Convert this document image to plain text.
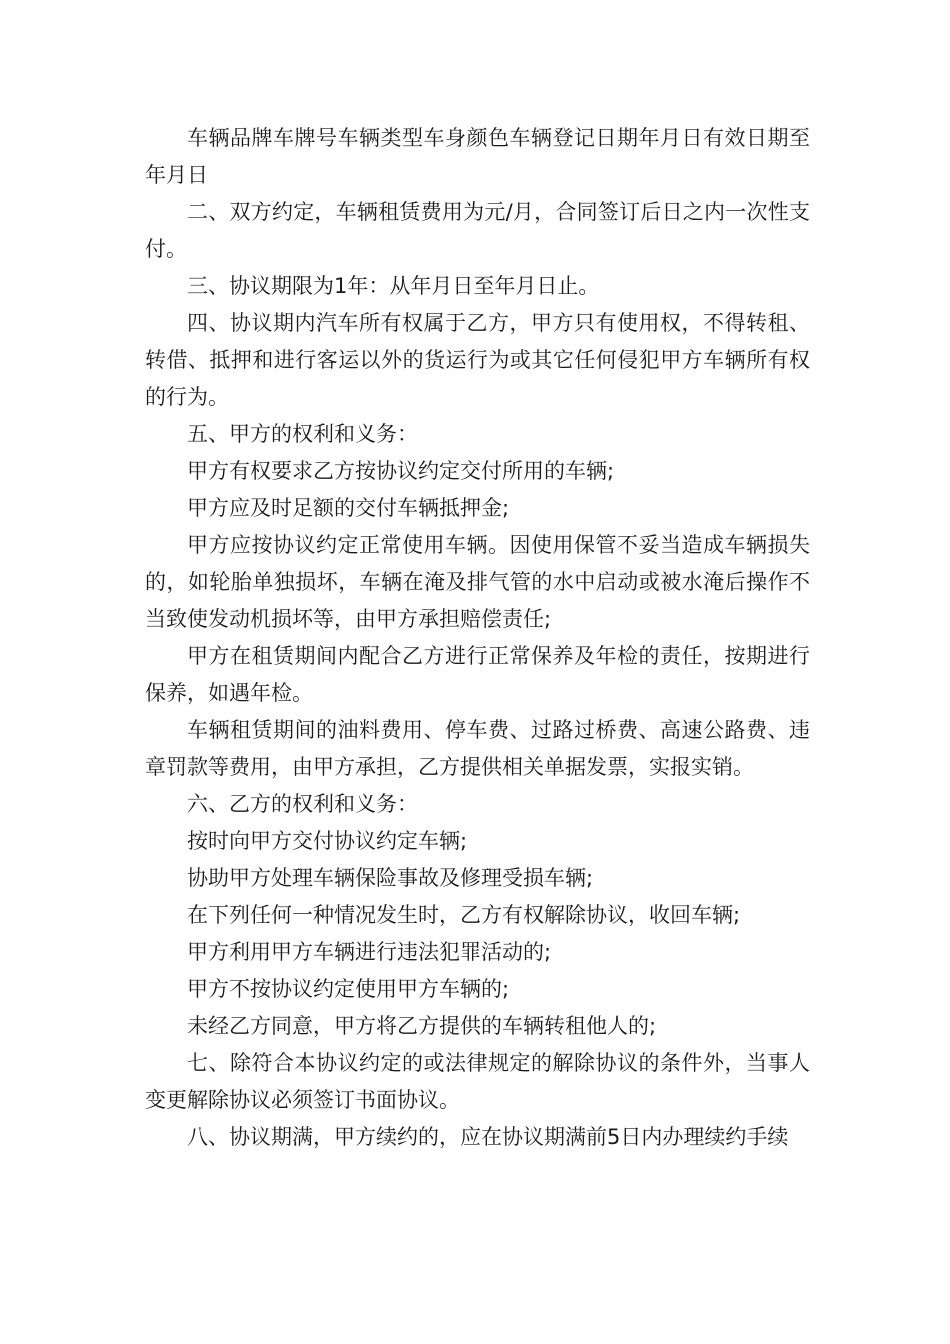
车辆品牌车牌号车辆类型车身颜色车辆登记日期年月日有效日期至年月日

二、双方约定，车辆租赁费用为元/月，合同签订后日之内一次性支付。

三、协议期限为1年：从年月日至年月日止。

四、协议期内汽车所有权属于乙方，甲方只有使用权，不得转租、转借、抵押和进行客运以外的货运行为或其它任何侵犯甲方车辆所有权的行为。

五、甲方的权利和义务：

甲方有权要求乙方按协议约定交付所用的车辆;

甲方应及时足额的交付车辆抵押金;

甲方应按协议约定正常使用车辆。因使用保管不妥当造成车辆损失的，如轮胎单独损坏，车辆在淹及排气管的水中启动或被水淹后操作不当致使发动机损坏等，由甲方承担赔偿责任;

甲方在租赁期间内配合乙方进行正常保养及年检的责任，按期进行保养，如遇年检。

车辆租赁期间的油料费用、停车费、过路过桥费、高速公路费、违章罚款等费用，由甲方承担，乙方提供相关单据发票，实报实销。

六、乙方的权利和义务：

按时向甲方交付协议约定车辆;

协助甲方处理车辆保险事故及修理受损车辆;

在下列任何一种情况发生时，乙方有权解除协议，收回车辆;

甲方利用甲方车辆进行违法犯罪活动的;

甲方不按协议约定使用甲方车辆的;

未经乙方同意，甲方将乙方提供的车辆转租他人的;

七、除符合本协议约定的或法律规定的解除协议的条件外，当事人变更解除协议必须签订书面协议。

八、协议期满，甲方续约的，应在协议期满前5日内办理续约手续
